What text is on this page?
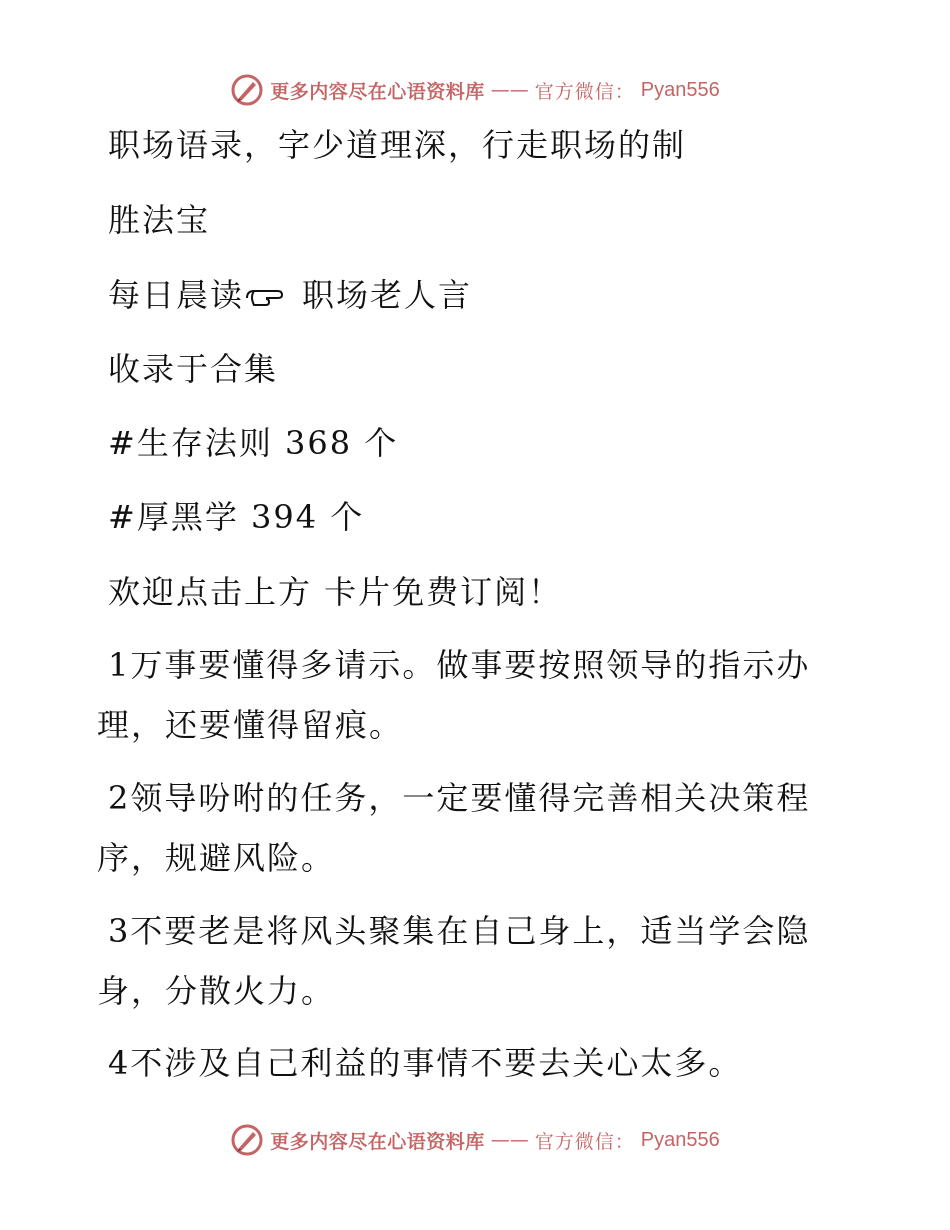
更多内容尽在心语资料库 —— 官方微信： Pyan556
职场语录，字少道理深，行走职场的制
胜法宝
每日晨读 职场老人言
收录于合集
#生存法则 368 个
#厚黑学 394 个
欢迎点击上方 卡片免费订阅！
1万事要懂得多请示。做事要按照领导的指示办
理，还要懂得留痕。
2领导吩咐的任务，一定要懂得完善相关决策程
序，规避风险。
3不要老是将风头聚集在自己身上，适当学会隐
身，分散火力。
4不涉及自己利益的事情不要去关心太多。
更多内容尽在心语资料库 —— 官方微信： Pyan556
